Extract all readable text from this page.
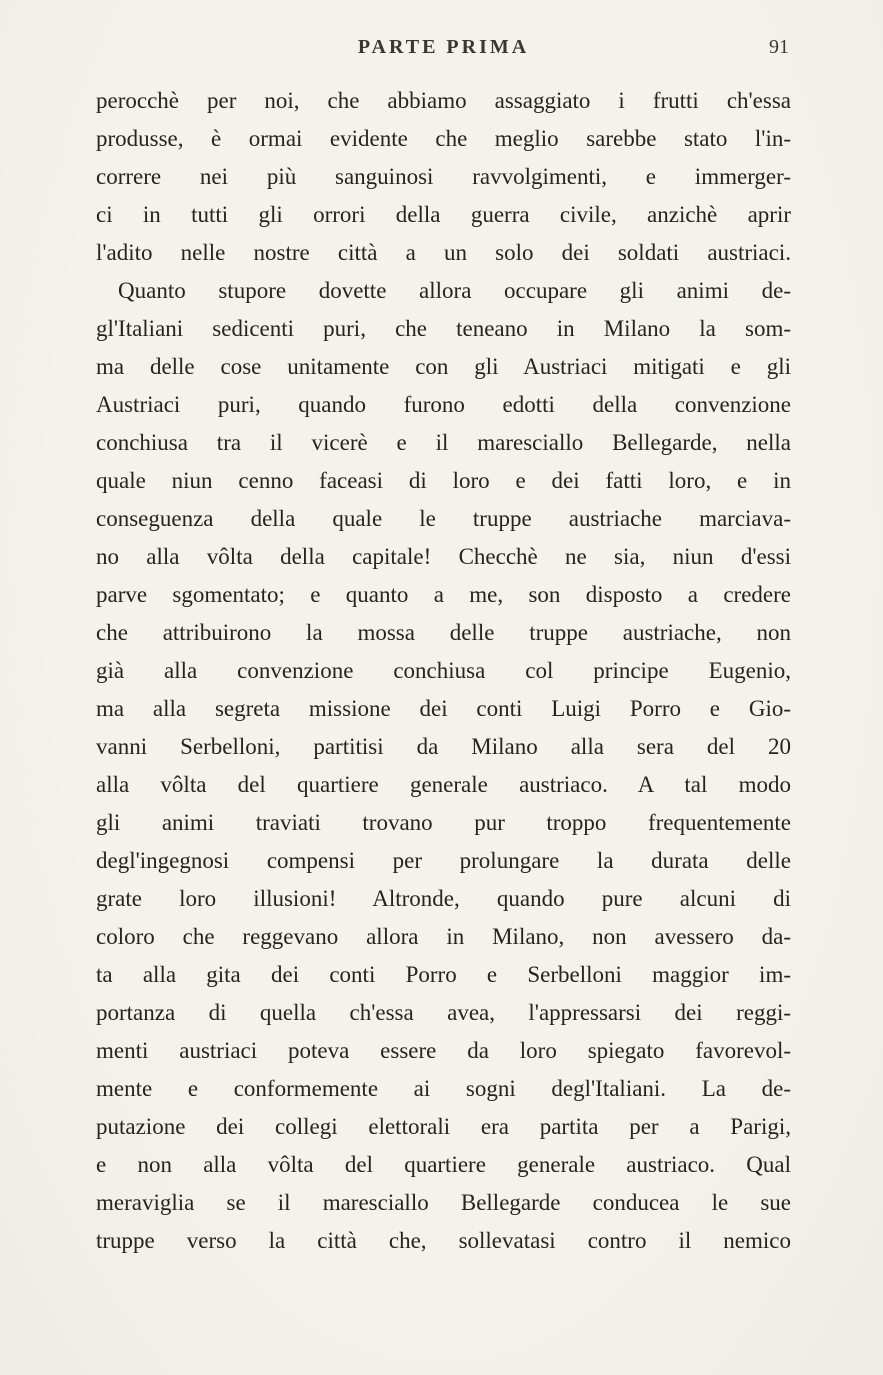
PARTE PRIMA	91
perocchè per noi, che abbiamo assaggiato i frutti ch'essa
produsse, è ormai evidente che meglio sarebbe stato l'in-
correre nei più sanguinosi ravvolgimenti, e immerger-
ci in tutti gli orrori della guerra civile, anzichè aprir
l'adito nelle nostre città a un solo dei soldati austriaci.
Quanto stupore dovette allora occupare gli animi de-
gl'Italiani sedicenti puri, che teneano in Milano la som-
ma delle cose unitamente con gli Austriaci mitigati e gli
Austriaci puri, quando furono edotti della convenzione
conchiusa tra il vicerè e il maresciallo Bellegarde, nella
quale niun cenno faceasi di loro e dei fatti loro, e in
conseguenza della quale le truppe austriache marciava-
no alla vôlta della capitale! Checchè ne sia, niun d'essi
parve sgomentato; e quanto a me, son disposto a credere
che attribuirono la mossa delle truppe austriache, non
già alla convenzione conchiusa col principe Eugenio,
ma alla segreta missione dei conti Luigi Porro e Gio-
vanni Serbelloni, partitisi da Milano alla sera del 20
alla vôlta del quartiere generale austriaco. A tal modo
gli animi traviati trovano pur troppo frequentemente
degl'ingegnosi compensi per prolungare la durata delle
grate loro illusioni! Altronde, quando pure alcuni di
coloro che reggevano allora in Milano, non avessero da-
ta alla gita dei conti Porro e Serbelloni maggior im-
portanza di quella ch'essa avea, l'appressarsi dei reggi-
menti austriaci poteva essere da loro spiegato favorevol-
mente e conformemente ai sogni degl'Italiani. La de-
putazione dei collegi elettorali era partita per a Parigi,
e non alla vôlta del quartiere generale austriaco. Qual
meraviglia se il maresciallo Bellegarde conducea le sue
truppe verso la città che, sollevatasi contro il nemico
